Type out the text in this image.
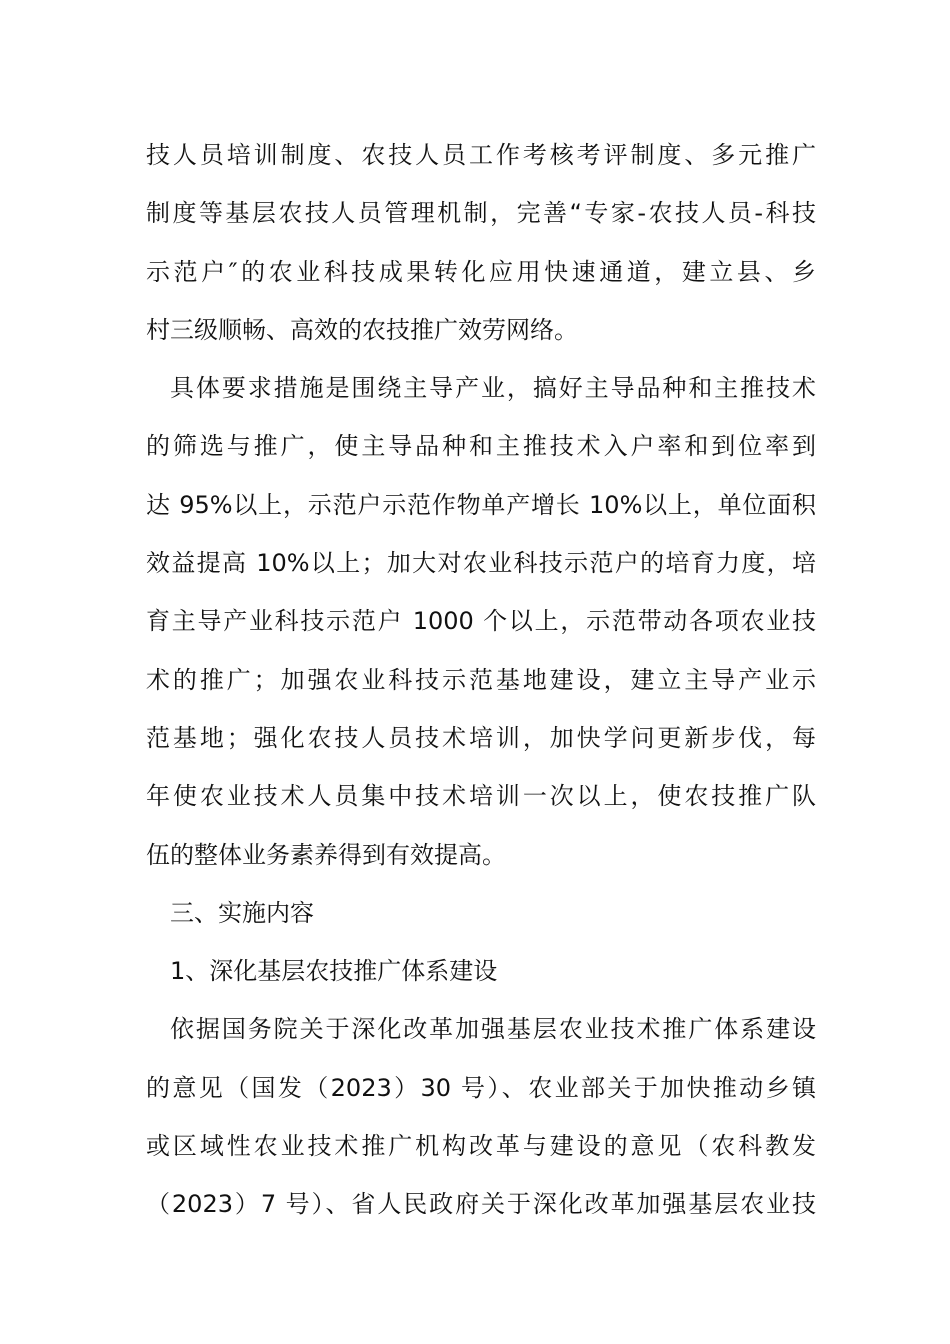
技人员培训制度、农技人员工作考核考评制度、多元推广
制度等基层农技人员管理机制，完善“专家-农技人员-科技
示范户″的农业科技成果转化应用快速通道，建立县、乡
村三级顺畅、高效的农技推广效劳网络。
具体要求措施是围绕主导产业，搞好主导品种和主推技术
的筛选与推广，使主导品种和主推技术入户率和到位率到
达 95%以上，示范户示范作物单产增长 10%以上，单位面积
效益提高 10%以上；加大对农业科技示范户的培育力度，培
育主导产业科技示范户 1000 个以上，示范带动各项农业技
术的推广；加强农业科技示范基地建设，建立主导产业示
范基地；强化农技人员技术培训，加快学问更新步伐，每
年使农业技术人员集中技术培训一次以上，使农技推广队
伍的整体业务素养得到有效提高。
三、实施内容
1、深化基层农技推广体系建设
依据国务院关于深化改革加强基层农业技术推广体系建设
的意见（国发（2023）30 号）、农业部关于加快推动乡镇
或区域性农业技术推广机构改革与建设的意见（农科教发
（2023）7 号）、省人民政府关于深化改革加强基层农业技
